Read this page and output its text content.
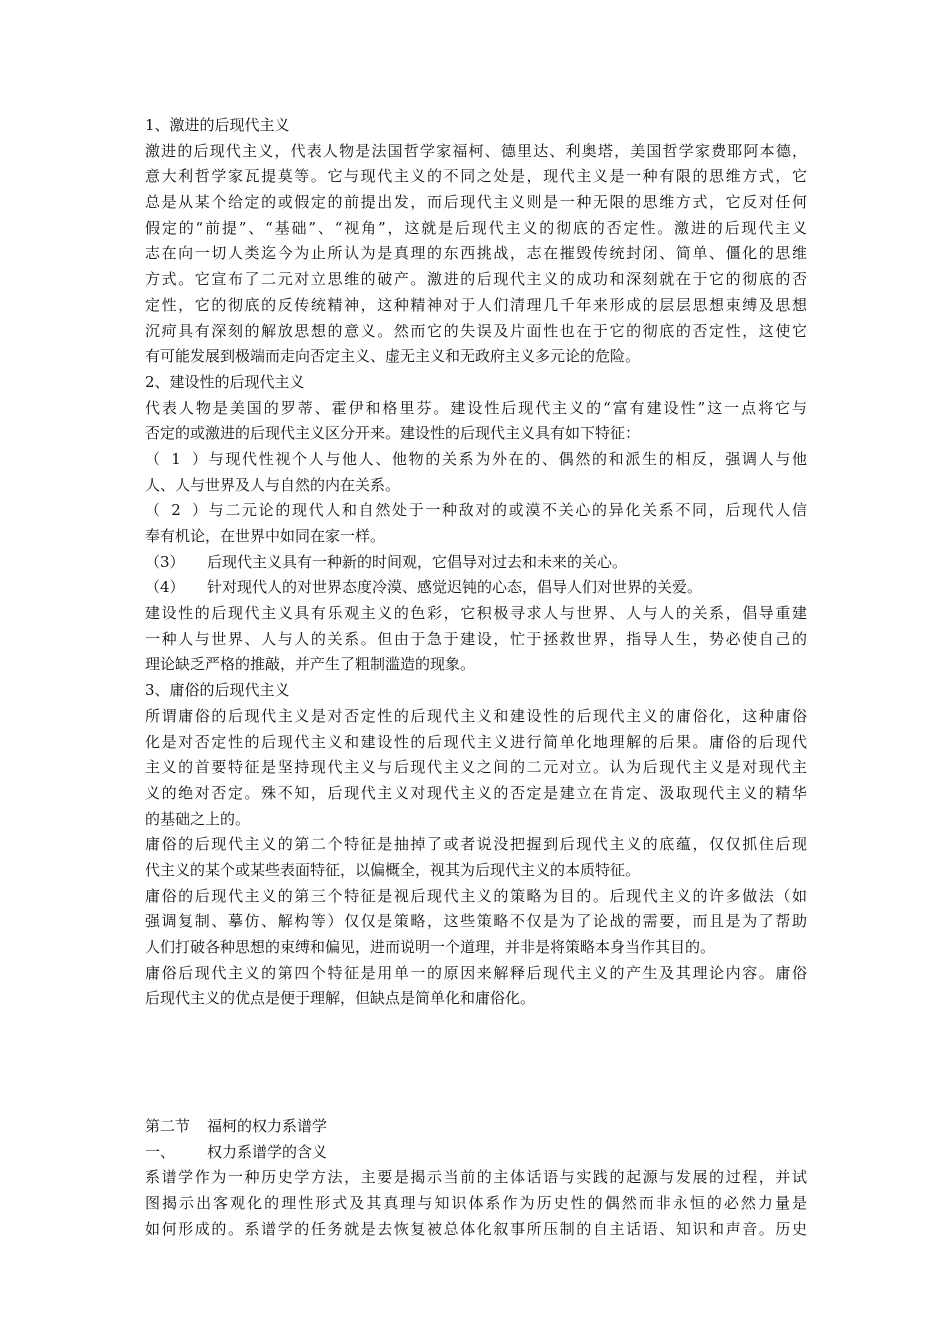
1、激进的后现代主义
激进的后现代主义，代表人物是法国哲学家福柯、德里达、利奥塔，美国哲学家费耶阿本德，
意大利哲学家瓦提莫等。它与现代主义的不同之处是，现代主义是一种有限的思维方式，它
总是从某个给定的或假定的前提出发，而后现代主义则是一种无限的思维方式，它反对任何
假定的“前提”、“基础”、“视角”，这就是后现代主义的彻底的否定性。激进的后现代主义
志在向一切人类迄今为止所认为是真理的东西挑战，志在摧毁传统封闭、简单、僵化的思维
方式。它宣布了二元对立思维的破产。激进的后现代主义的成功和深刻就在于它的彻底的否
定性，它的彻底的反传统精神，这种精神对于人们清理几千年来形成的层层思想束缚及思想
沉疴具有深刻的解放思想的意义。然而它的失误及片面性也在于它的彻底的否定性，这使它
有可能发展到极端而走向否定主义、虚无主义和无政府主义多元论的危险。
2、建设性的后现代主义
代表人物是美国的罗蒂、霍伊和格里芬。建设性后现代主义的“富有建设性”这一点将它与
否定的或激进的后现代主义区分开来。建设性的后现代主义具有如下特征：
（1）与现代性视个人与他人、他物的关系为外在的、偶然的和派生的相反，强调人与他
人、人与世界及人与自然的内在关系。
（2）与二元论的现代人和自然处于一种敌对的或漠不关心的异化关系不同，后现代人信
奉有机论，在世界中如同在家一样。
（3） 后现代主义具有一种新的时间观，它倡导对过去和未来的关心。
（4） 针对现代人的对世界态度冷漠、感觉迟钝的心态，倡导人们对世界的关爱。
建设性的后现代主义具有乐观主义的色彩，它积极寻求人与世界、人与人的关系，倡导重建
一种人与世界、人与人的关系。但由于急于建设，忙于拯救世界，指导人生，势必使自己的
理论缺乏严格的推敲，并产生了粗制滥造的现象。
3、庸俗的后现代主义
所谓庸俗的后现代主义是对否定性的后现代主义和建设性的后现代主义的庸俗化，这种庸俗
化是对否定性的后现代主义和建设性的后现代主义进行简单化地理解的后果。庸俗的后现代
主义的首要特征是坚持现代主义与后现代主义之间的二元对立。认为后现代主义是对现代主
义的绝对否定。殊不知，后现代主义对现代主义的否定是建立在肯定、汲取现代主义的精华
的基础之上的。
庸俗的后现代主义的第二个特征是抽掉了或者说没把握到后现代主义的底蕴，仅仅抓住后现
代主义的某个或某些表面特征，以偏概全，视其为后现代主义的本质特征。
庸俗的后现代主义的第三个特征是视后现代主义的策略为目的。后现代主义的许多做法（如
强调复制、摹仿、解构等）仅仅是策略，这些策略不仅是为了论战的需要，而且是为了帮助
人们打破各种思想的束缚和偏见，进而说明一个道理，并非是将策略本身当作其目的。
庸俗后现代主义的第四个特征是用单一的原因来解释后现代主义的产生及其理论内容。庸俗
后现代主义的优点是便于理解，但缺点是简单化和庸俗化。
第二节 福柯的权力系谱学
一、 权力系谱学的含义
系谱学作为一种历史学方法，主要是揭示当前的主体话语与实践的起源与发展的过程，并试
图揭示出客观化的理性形式及其真理与知识体系作为历史性的偶然而非永恒的必然力量是
如何形成的。系谱学的任务就是去恢复被总体化叙事所压制的自主话语、知识和声音。历史
